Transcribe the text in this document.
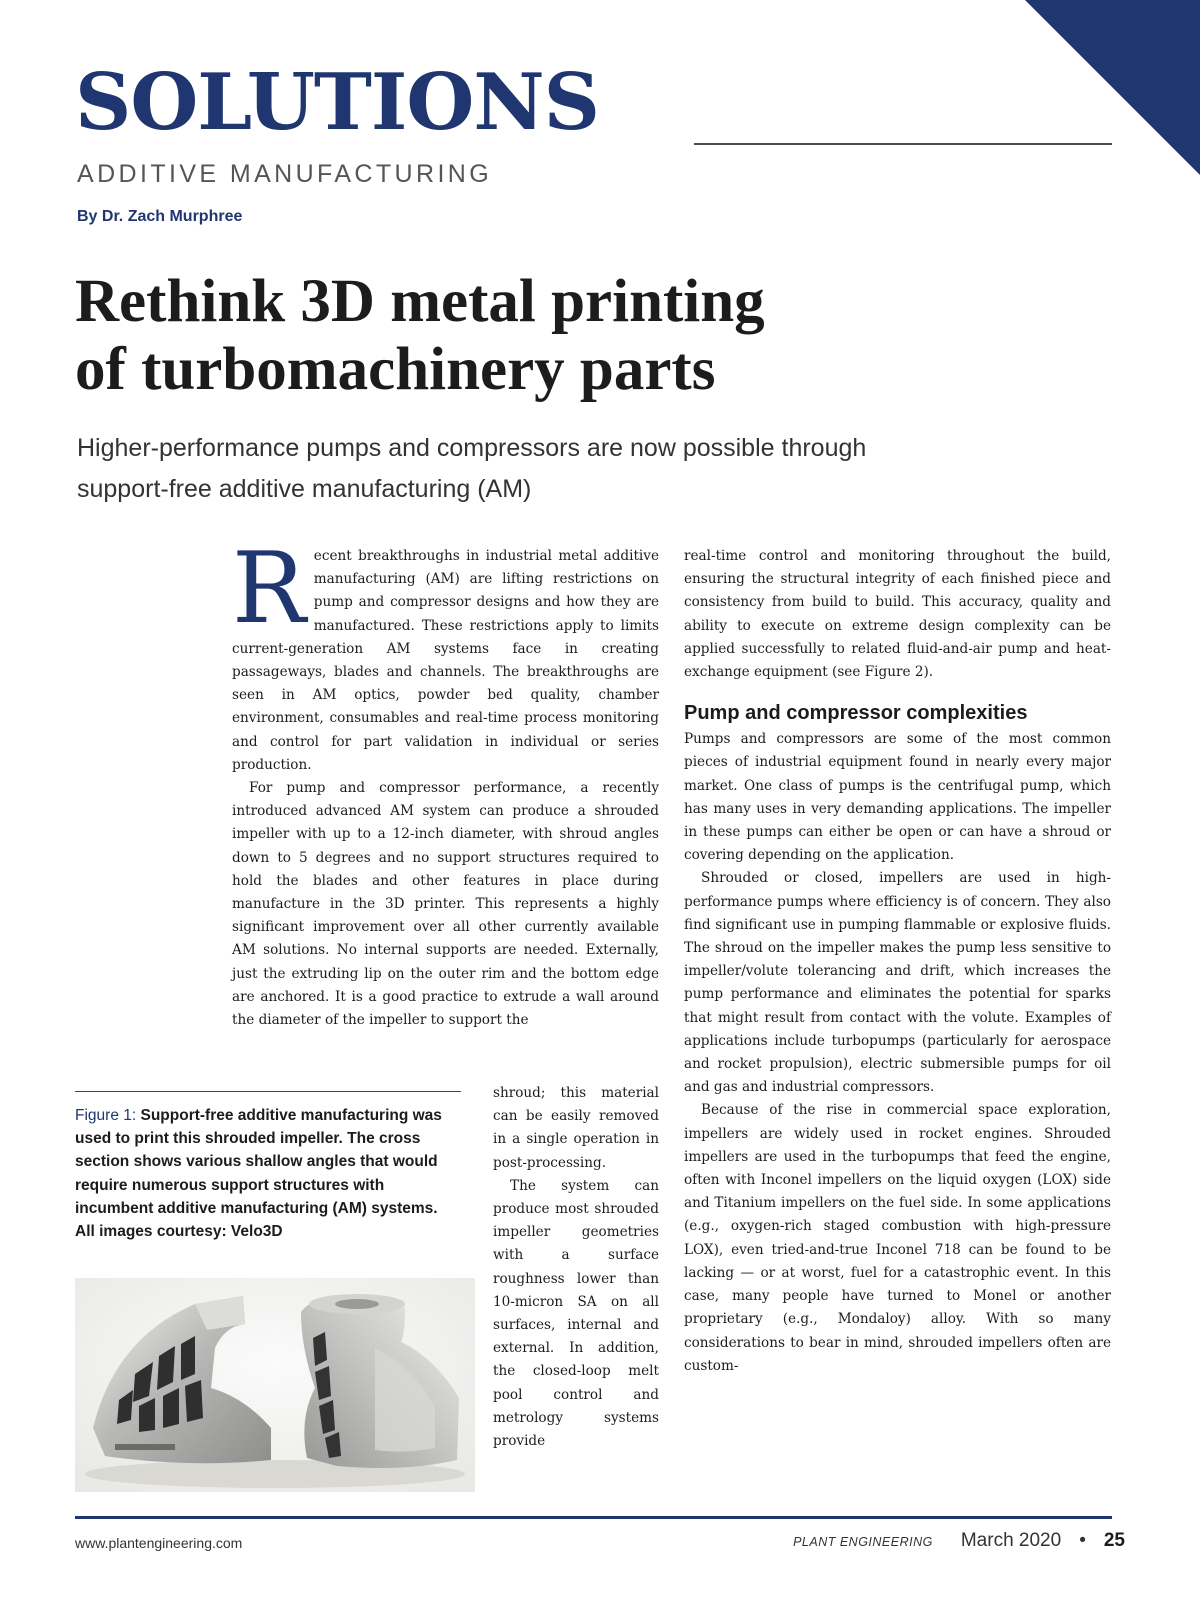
SOLUTIONS
ADDITIVE MANUFACTURING
By Dr. Zach Murphree
Rethink 3D metal printing
of turbomachinery parts

Higher-performance pumps and compressors are now possible through
support-free additive manufacturing (AM)

Recent breakthroughs in industrial metal additive manufacturing (AM) are lifting restrictions on pump and compressor designs and how they are manufactured. These restrictions apply to limits current-generation AM systems face in creating passageways, blades and channels. The breakthroughs are seen in AM optics, powder bed quality, chamber environment, consumables and real-time process monitoring and control for part validation in individual or series production.

For pump and compressor performance, a recently introduced advanced AM system can produce a shrouded impeller with up to a 12-inch diameter, with shroud angles down to 5 degrees and no support structures required to hold the blades and other features in place during manufacture in the 3D printer. This represents a highly significant improvement over all other currently available AM solutions. No internal supports are needed. Externally, just the extruding lip on the outer rim and the bottom edge are anchored. It is a good practice to extrude a wall around the diameter of the impeller to support the

shroud; this material can be easily removed in a single operation in post-processing.

The system can produce most shrouded impeller geometries with a surface roughness lower than 10-micron SA on all surfaces, internal and external. In addition, the closed-loop melt pool control and metrology systems provide

real-time control and monitoring throughout the build, ensuring the structural integrity of each finished piece and consistency from build to build. This accuracy, quality and ability to execute on extreme design complexity can be applied successfully to related fluid-and-air pump and heat-exchange equipment (see Figure 2).

Pump and compressor complexities

Pumps and compressors are some of the most common pieces of industrial equipment found in nearly every major market. One class of pumps is the centrifugal pump, which has many uses in very demanding applications. The impeller in these pumps can either be open or can have a shroud or covering depending on the application.

Shrouded or closed, impellers are used in high-performance pumps where efficiency is of concern. They also find significant use in pumping flammable or explosive fluids. The shroud on the impeller makes the pump less sensitive to impeller/volute tolerancing and drift, which increases the pump performance and eliminates the potential for sparks that might result from contact with the volute. Examples of applications include turbopumps (particularly for aerospace and rocket propulsion), electric submersible pumps for oil and gas and industrial compressors.

Because of the rise in commercial space exploration, impellers are widely used in rocket engines. Shrouded impellers are used in the turbopumps that feed the engine, often with Inconel impellers on the liquid oxygen (LOX) side and Titanium impellers on the fuel side. In some applications (e.g., oxygen-rich staged combustion with high-pressure LOX), even tried-and-true Inconel 718 can be found to be lacking — or at worst, fuel for a catastrophic event. In this case, many people have turned to Monel or another proprietary (e.g., Mondaloy) alloy. With so many considerations to bear in mind, shrouded impellers often are custom-

Figure 1: Support-free additive manufacturing was used to print this shrouded impeller. The cross section shows various shallow angles that would require numerous support structures with incumbent additive manufacturing (AM) systems. All images courtesy: Velo3D
www.plantengineering.com	PLANT ENGINEERING March 2020 • 25
